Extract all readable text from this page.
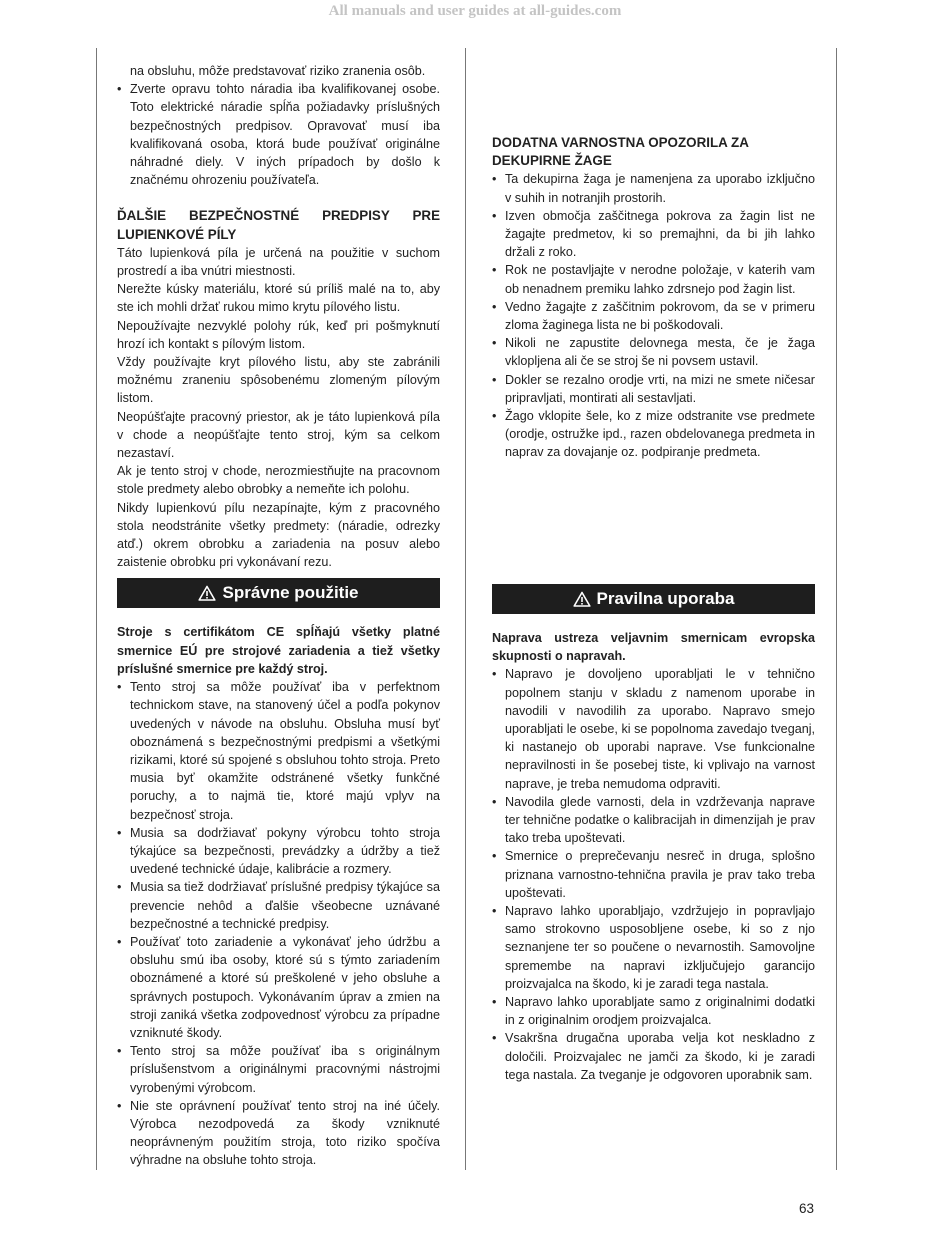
All manuals and user guides at all-guides.com

na obsluhu, môže predstavovať riziko zranenia osôb.

• Zverte opravu tohto náradia iba kvalifikovanej osobe. Toto elektrické náradie spĺňa požiadavky príslušných bezpečnostných predpisov. Opravovať musí iba kvalifikovaná osoba, ktorá bude používať originálne náhradné diely. V iných prípadoch by došlo k značnému ohrozeniu používateľa.
ĎALŠIE BEZPEČNOSTNÉ PREDPISY PRE
LUPIENKOVÉ PÍLY

Táto lupienková píla je určená na použitie v suchom prostredí a iba vnútri miestnosti.

Nerežte kúsky materiálu, ktoré sú príliš malé na to, aby ste ich mohli držať rukou mimo krytu pílového listu.

Nepoužívajte nezvyklé polohy rúk, keď pri pošmyknutí hrozí ich kontakt s pílovým listom.

Vždy používajte kryt pílového listu, aby ste zabránili možnému zraneniu spôsobenému zlomeným pílovým listom.

Neopúšťajte pracovný priestor, ak je táto lupienková píla v chode a neopúšťajte tento stroj, kým sa celkom nezastaví.

Ak je tento stroj v chode, nerozmiestňujte na pracovnom stole predmety alebo obrobky a nemeňte ich polohu.

Nikdy lupienkovú pílu nezapínajte, kým z pracovného stola neodstránite všetky predmety: (náradie, odrezky atď.) okrem obrobku a zariadenia na posuv alebo zaistenie obrobku pri vykonávaní rezu.

Správne použitie

Stroje s certifikátom CE spĺňajú všetky platné smernice EÚ pre strojové zariadenia a tiež všetky príslušné smernice pre každý stroj.

• Tento stroj sa môže používať iba v perfektnom technickom stave, na stanovený účel a podľa pokynov uvedených v návode na obsluhu. Obsluha musí byť oboznámená s bezpečnostnými predpismi a všetkými rizikami, ktoré sú spojené s obsluhou tohto stroja. Preto musia byť okamžite odstránené všetky funkčné poruchy, a to najmä tie, ktoré majú vplyv na bezpečnosť stroja.
• Musia sa dodržiavať pokyny výrobcu tohto stroja týkajúce sa bezpečnosti, prevádzky a údržby a tiež uvedené technické údaje, kalibrácie a rozmery.
• Musia sa tiež dodržiavať príslušné predpisy týkajúce sa prevencie nehôd a ďalšie všeobecne uznávané bezpečnostné a technické predpisy.
• Používať toto zariadenie a vykonávať jeho údržbu a obsluhu smú iba osoby, ktoré sú s týmto zariadením oboznámené a ktoré sú preškolené v jeho obsluhe a správnych postupoch. Vykonávaním úprav a zmien na stroji zaniká všetka zodpovednosť výrobcu za prípadne vzniknuté škody.
• Tento stroj sa môže používať iba s originálnym príslušenstvom a originálnymi pracovnými nástrojmi vyrobenými výrobcom.
• Nie ste oprávnení používať tento stroj na iné účely. Výrobca nezodpovedá za škody vzniknuté neoprávneným použitím stroja, toto riziko spočíva výhradne na obsluhe tohto stroja.
DODATNA VARNOSTNA OPOZORILA ZA DEKUPIRNE ŽAGE
• Ta dekupirna žaga je namenjena za uporabo izključno v suhih in notranjih prostorih.
• Izven območja zaščitnega pokrova za žagin list ne žagajte predmetov, ki so premajhni, da bi jih lahko držali z roko.
• Rok ne postavljajte v nerodne položaje, v katerih vam ob nenadnem premiku lahko zdrsnejo pod žagin list.
• Vedno žagajte z zaščitnim pokrovom, da se v primeru zloma žaginega lista ne bi poškodovali.
• Nikoli ne zapustite delovnega mesta, če je žaga vklopljena ali če se stroj še ni povsem ustavil.
• Dokler se rezalno orodje vrti, na mizi ne smete ničesar pripravljati, montirati ali sestavljati.
• Žago vklopite šele, ko z mize odstranite vse predmete (orodje, ostružke ipd., razen obdelovanega predmeta in naprav za dovajanje oz. podpiranje predmeta.
Pravilna uporaba

Naprava ustreza veljavnim smernicam evropska skupnosti o napravah.

• Napravo je dovoljeno uporabljati le v tehnično popolnem stanju v skladu z namenom uporabe in navodili v navodilih za uporabo. Napravo smejo uporabljati le osebe, ki se popolnoma zavedajo tveganj, ki nastanejo ob uporabi naprave. Vse funkcionalne nepravilnosti in še posebej tiste, ki vplivajo na varnost naprave, je treba nemudoma odpraviti.
• Navodila glede varnosti, dela in vzdrževanja naprave ter tehnične podatke o kalibracijah in dimenzijah je prav tako treba upoštevati.
• Smernice o preprečevanju nesreč in druga, splošno priznana varnostno-tehnična pravila je prav tako treba upoštevati.
• Napravo lahko uporabljajo, vzdržujejo in popravljajo samo strokovno usposobljene osebe, ki so z njo seznanjene ter so poučene o nevarnostih. Samovoljne spremembe na napravi izključujejo garancijo proizvajalca na škodo, ki je zaradi tega nastala.
• Napravo lahko uporabljate samo z originalnimi dodatki in z originalnim orodjem proizvajalca.
• Vsakršna drugačna uporaba velja kot neskladno z določili. Proizvajalec ne jamči za škodo, ki je zaradi tega nastala. Za tveganje je odgovoren uporabnik sam.
63
